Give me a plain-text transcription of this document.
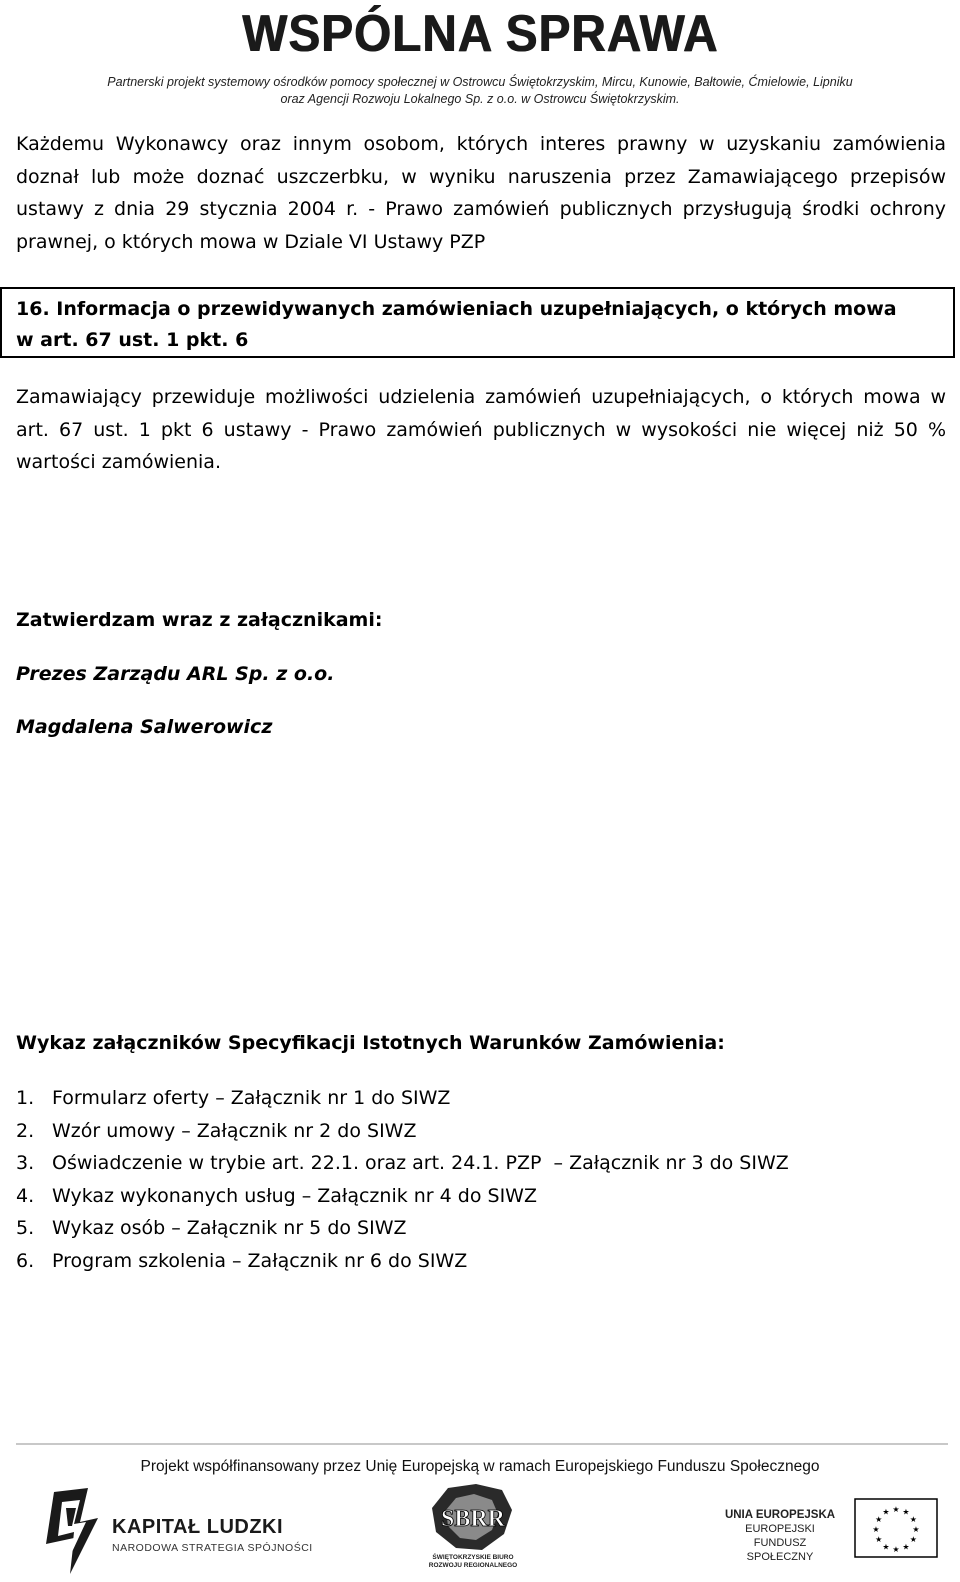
WSPÓLNA SPRAWA
Partnerski projekt systemowy ośrodków pomocy społecznej w Ostrowcu Świętokrzyskim, Mircu, Kunowie, Bałtowie, Ćmielowie, Lipniku
oraz Agencji Rozwoju Lokalnego Sp. z o.o. w Ostrowcu Świętokrzyskim.
Każdemu Wykonawcy oraz innym osobom, których interes prawny w uzyskaniu zamówienia doznał lub może doznać uszczerbku, w wyniku naruszenia przez Zamawiającego przepisów ustawy z dnia 29 stycznia 2004 r. - Prawo zamówień publicznych przysługują środki ochrony prawnej, o których mowa w Dziale VI Ustawy PZP
16. Informacja o przewidywanych zamówieniach uzupełniających, o których mowa w art. 67 ust. 1 pkt. 6
Zamawiający przewiduje możliwości udzielenia zamówień uzupełniających, o których mowa w art. 67 ust. 1 pkt 6 ustawy - Prawo zamówień publicznych w wysokości nie więcej niż 50 % wartości zamówienia.
Zatwierdzam wraz z załącznikami:
Prezes Zarządu ARL Sp. z o.o.
Magdalena Salwerowicz
Wykaz załączników Specyfikacji Istotnych Warunków Zamówienia:
1. Formularz oferty – Załącznik nr 1 do SIWZ
2. Wzór umowy – Załącznik nr 2 do SIWZ
3. Oświadczenie w trybie art. 22.1. oraz art. 24.1. PZP  – Załącznik nr 3 do SIWZ
4. Wykaz wykonanych usług – Załącznik nr 4 do SIWZ
5. Wykaz osób – Załącznik nr 5 do SIWZ
6. Program szkolenia – Załącznik nr 6 do SIWZ
Projekt współfinansowany przez Unię Europejską w ramach Europejskiego Funduszu Społecznego
KAPITAŁ LUDZKI
NARODOWA STRATEGIA SPÓJNOŚCI
SBRR
ŚWIĘTOKRZYSKIE BIURO
ROZWOJU REGIONALNEGO
UNIA EUROPEJSKA
EUROPEJSKI
FUNDUSZ SPOŁECZNY
★ ★
★
★
★
★
★
★
★
★
★
★
